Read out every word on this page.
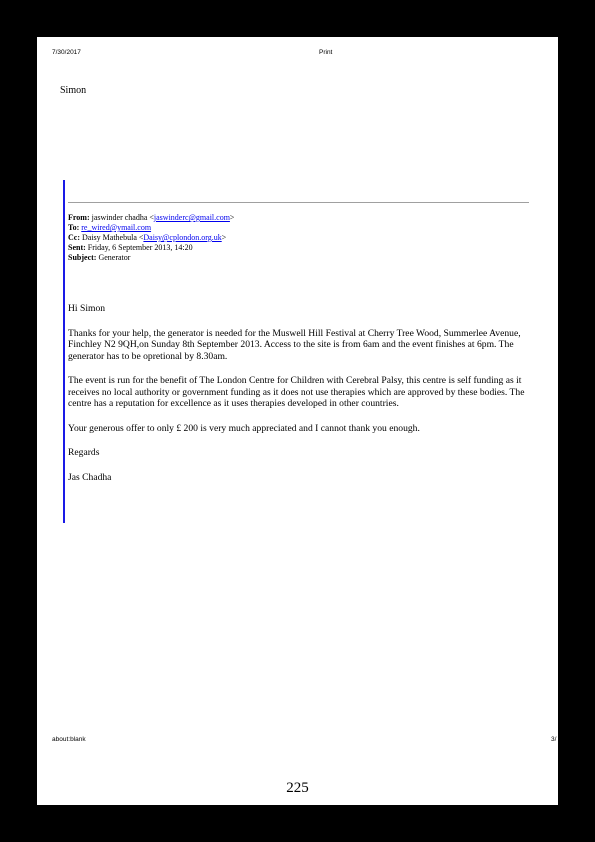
7/30/2017	Print
Simon
From: jaswinder chadha <jaswinderc@gmail.com>
To: re_wired@ymail.com
Cc: Daisy Mathebula <Daisy@cplondon.org.uk>
Sent: Friday, 6 September 2013, 14:20
Subject: Generator

Hi Simon

Thanks for your help, the generator is needed for the Muswell Hill Festival at Cherry Tree Wood, Summerlee Avenue, Finchley N2 9QH,on Sunday 8th September 2013. Access to the site is from 6am and the event finishes at 6pm. The generator has to be opretional by 8.30am.

The event is run for the benefit of The London Centre for Children with Cerebral Palsy, this centre is self funding as it receives no local authority or government funding as it does not use therapies which are approved by these bodies. The centre has a reputation for excellence as it uses therapies developed in other countries.

Your generous offer to only £ 200 is very much appreciated and I cannot thank you enough.

Regards

Jas Chadha

about:blank	3/
225
